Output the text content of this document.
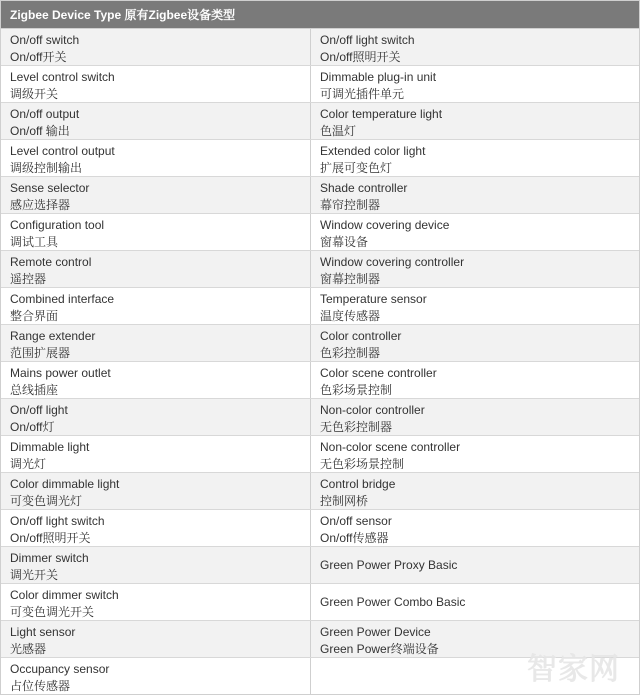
Zigbee Device Type 原有Zigbee设备类型
On/off switch
On/off开关
On/off light switch
On/off照明开关
Level control switch
调级开关
Dimmable plug-in unit
可调光插件单元
On/off output
On/off 输出
Color temperature light
色温灯
Level control output
调级控制输出
Extended color light
扩展可变色灯
Sense selector
感应选择器
Shade controller
幕帘控制器
Configuration tool
调试工具
Window covering device
窗幕设备
Remote control
遥控器
Window covering controller
窗幕控制器
Combined interface
整合界面
Temperature sensor
温度传感器
Range extender
范围扩展器
Color controller
色彩控制器
Mains power outlet
总线插座
Color scene controller
色彩场景控制
On/off light
On/off灯
Non-color controller
无色彩控制器
Dimmable light
调光灯
Non-color scene controller
无色彩场景控制
Color dimmable light
可变色调光灯
Control bridge
控制网桥
On/off light switch
On/off照明开关
On/off sensor
On/off传感器
Dimmer switch
调光开关
Green Power Proxy Basic
Color dimmer switch
可变色调光开关
Green Power Combo Basic
Light sensor
光感器
Green Power Device
Green Power终端设备
Occupancy sensor
占位传感器	智家网
